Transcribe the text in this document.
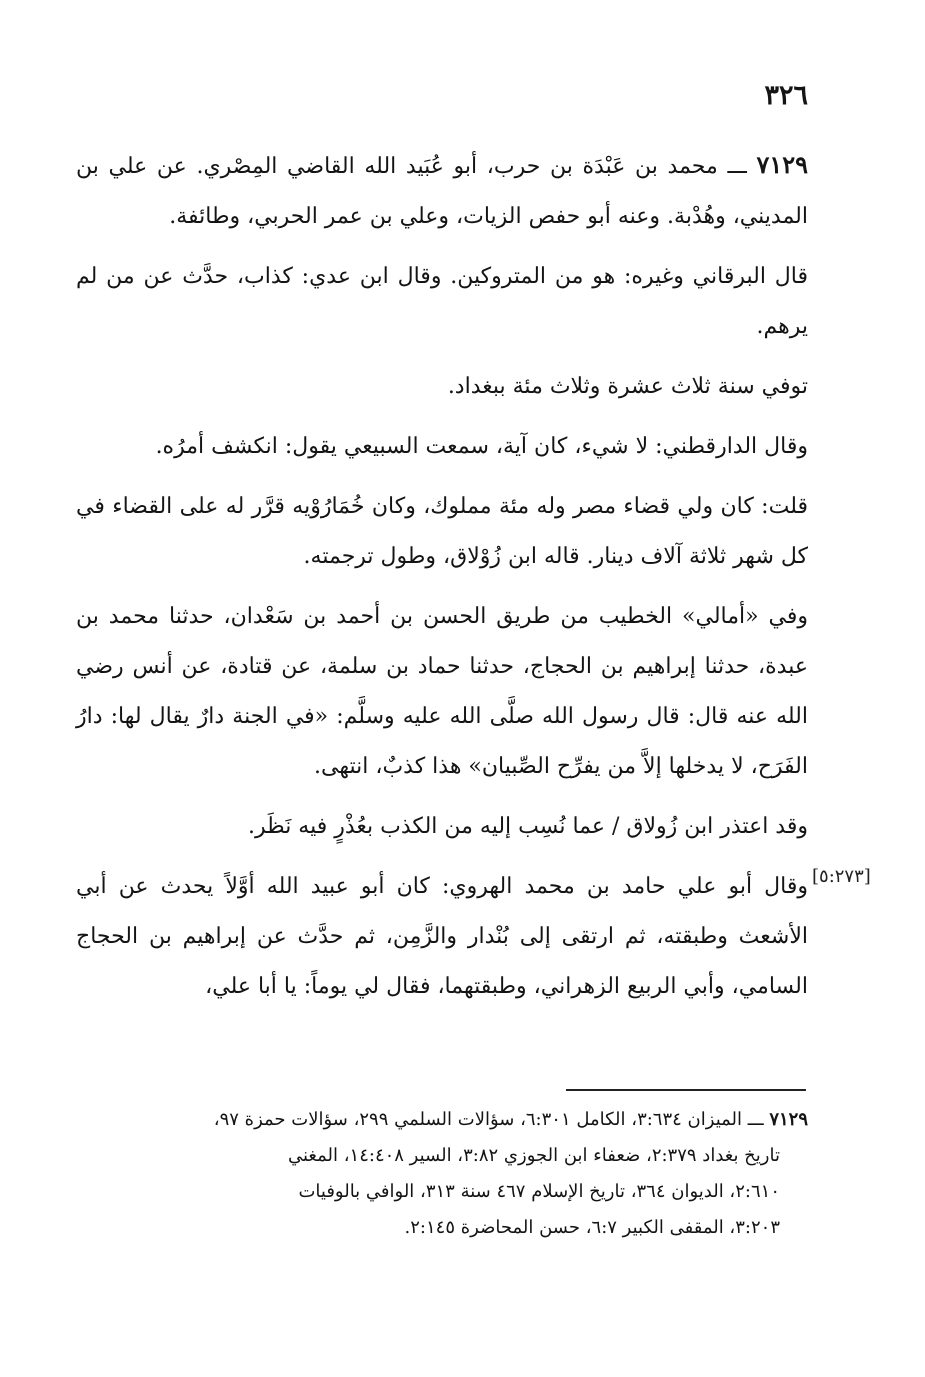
٣٢٦
[٥:٢٧٣]

٧١٢٩ ـــ محمد بن عَبْدَة بن حرب، أبو عُبَيد الله القاضي المِصْري. عن علي بن المديني، وهُدْبة. وعنه أبو حفص الزيات، وعلي بن عمر الحربي، وطائفة.

قال البرقاني وغيره: هو من المتروكين. وقال ابن عدي: كذاب، حدَّث عن من لم يرهم.

توفي سنة ثلاث عشرة وثلاث مئة ببغداد.

وقال الدارقطني: لا شيء، كان آية، سمعت السبيعي يقول: انكشف أمرُه.

قلت: كان ولي قضاء مصر وله مئة مملوك، وكان خُمَارُوْيه قرَّر له على القضاء في كل شهر ثلاثة آلاف دينار. قاله ابن زُوْلاق، وطول ترجمته.

وفي «أمالي» الخطيب من طريق الحسن بن أحمد بن سَعْدان، حدثنا محمد بن عبدة، حدثنا إبراهيم بن الحجاج، حدثنا حماد بن سلمة، عن قتادة، عن أنس رضي الله عنه قال: قال رسول الله صلَّى الله عليه وسلَّم: «في الجنة دارٌ يقال لها: دارُ الفَرَح، لا يدخلها إلاَّ من يفرِّح الصِّبيان» هذا كذبٌ، انتهى.

وقد اعتذر ابن زُولاق / عما نُسِب إليه من الكذب بعُذْرٍ فيه نَظَر.

وقال أبو علي حامد بن محمد الهروي: كان أبو عبيد الله أوَّلاً يحدث عن أبي الأشعث وطبقته، ثم ارتقى إلى بُنْدار والزَّمِن، ثم حدَّث عن إبراهيم بن الحجاج السامي، وأبي الربيع الزهراني، وطبقتهما، فقال لي يوماً: يا أبا علي،

٧١٢٩ ـــ الميزان ٣:٦٣٤، الكامل ٦:٣٠١، سؤالات السلمي ٢٩٩، سؤالات حمزة ٩٧،

تاريخ بغداد ٢:٣٧٩، ضعفاء ابن الجوزي ٣:٨٢، السير ١٤:٤٠٨، المغني

٢:٦١٠، الديوان ٣٦٤، تاريخ الإسلام ٤٦٧ سنة ٣١٣، الوافي بالوفيات

٣:٢٠٣، المقفى الكبير ٦:٧، حسن المحاضرة ٢:١٤٥.
